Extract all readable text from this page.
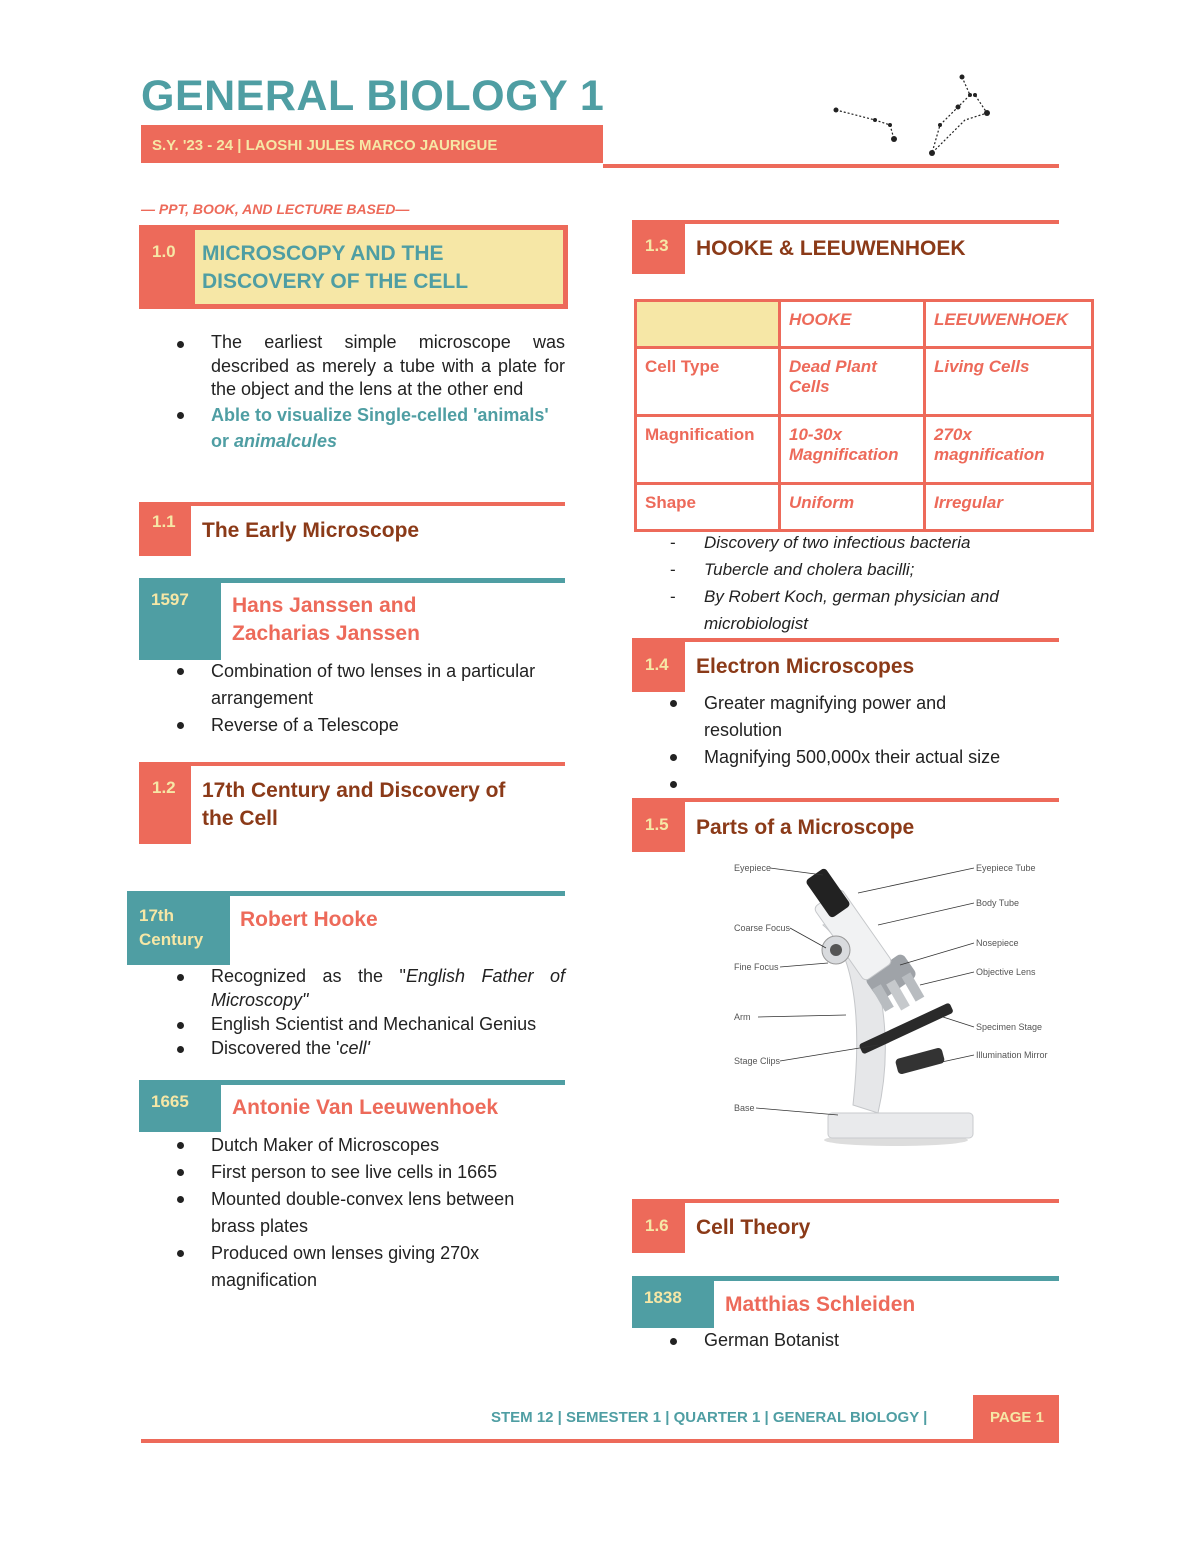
GENERAL BIOLOGY 1
S.Y. '23 - 24 | LAOSHI JULES MARCO JAURIGUE
— PPT, BOOK, AND LECTURE BASED—
1.0	MICROSCOPY AND THE
DISCOVERY OF THE CELL
The earliest simple microscope was described as merely a tube with a plate for the object and the lens at the other end
Able to visualize Single-celled 'animals'
or animalcules
1.1	The Early Microscope
1597	Hans Janssen and
Zacharias Janssen
Combination of two lenses in a particular arrangement
Reverse of a Telescope
1.2	17th Century and Discovery of
the Cell
17th
Century
Robert Hooke
Recognized as the "English Father of Microscopy"
English Scientist and Mechanical Genius
Discovered the 'cell'
1665	Antonie Van Leeuwenhoek
Dutch Maker of Microscopes
First person to see live cells in 1665
Mounted double-convex lens between brass plates
Produced own lenses giving 270x magnification
1.3	HOOKE & LEEUWENHOEK
	HOOKE	LEEUWENHOEK
Cell Type	Dead Plant Cells	Living Cells
Magnification	10-30x Magnification	270x magnification
Shape	Uniform	Irregular
- Discovery of two infectious bacteria
- Tubercle and cholera bacilli;
- By Robert Koch, german physician and microbiologist
1.4	Electron Microscopes
Greater magnifying power and resolution
Magnifying 500,000x their actual size
1.5	Parts of a Microscope
Eyepiece
Coarse Focus
Fine Focus
Arm
Stage Clips
Base
Eyepiece Tube
Body Tube
Nosepiece
Objective Lens
Specimen Stage
Illumination Mirror
1.6	Cell Theory
1838	Matthias Schleiden
German Botanist
STEM 12 | SEMESTER 1 | QUARTER 1 | GENERAL BIOLOGY |	PAGE 1
